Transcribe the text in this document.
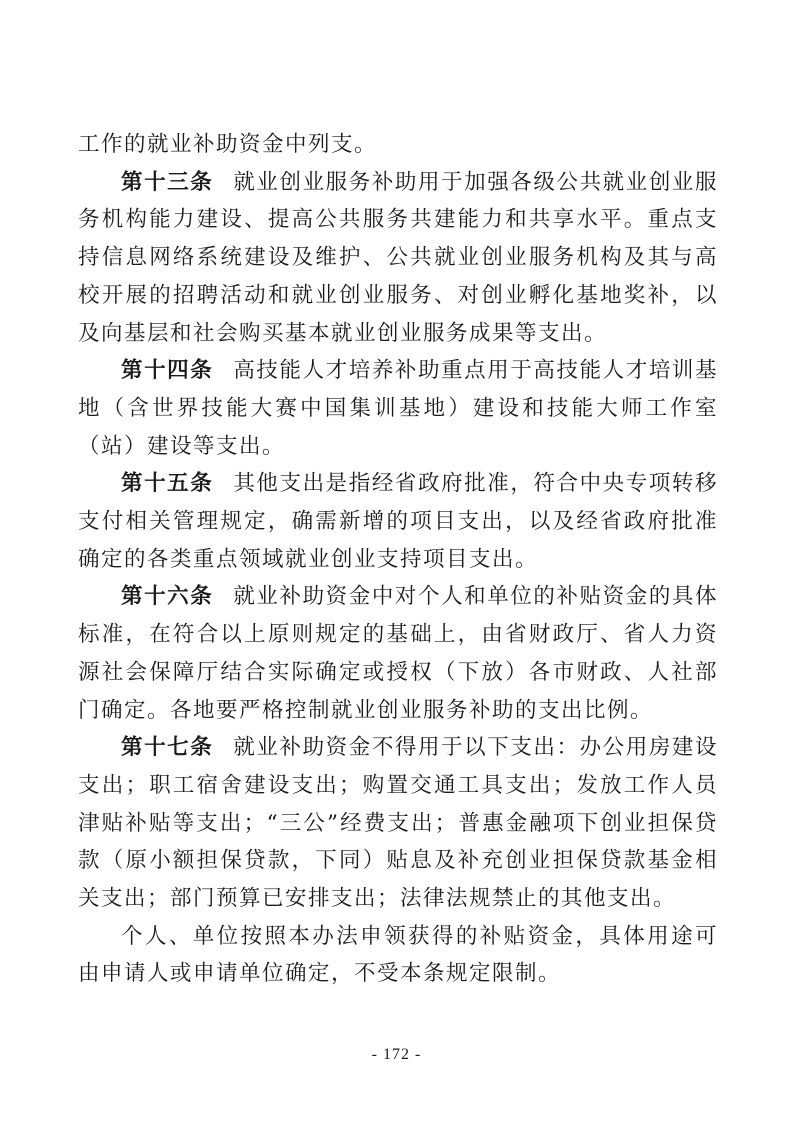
工作的就业补助资金中列支。

第十三条 就业创业服务补助用于加强各级公共就业创业服务机构能力建设、提高公共服务共建能力和共享水平。重点支持信息网络系统建设及维护、公共就业创业服务机构及其与高校开展的招聘活动和就业创业服务、对创业孵化基地奖补，以及向基层和社会购买基本就业创业服务成果等支出。

第十四条 高技能人才培养补助重点用于高技能人才培训基地（含世界技能大赛中国集训基地）建设和技能大师工作室（站）建设等支出。

第十五条 其他支出是指经省政府批准，符合中央专项转移支付相关管理规定，确需新增的项目支出，以及经省政府批准确定的各类重点领域就业创业支持项目支出。

第十六条 就业补助资金中对个人和单位的补贴资金的具体标准，在符合以上原则规定的基础上，由省财政厅、省人力资源社会保障厅结合实际确定或授权（下放）各市财政、人社部门确定。各地要严格控制就业创业服务补助的支出比例。

第十七条 就业补助资金不得用于以下支出：办公用房建设支出；职工宿舍建设支出；购置交通工具支出；发放工作人员津贴补贴等支出；“三公”经费支出；普惠金融项下创业担保贷款（原小额担保贷款，下同）贴息及补充创业担保贷款基金相关支出；部门预算已安排支出；法律法规禁止的其他支出。

个人、单位按照本办法申领获得的补贴资金，具体用途可由申请人或申请单位确定，不受本条规定限制。

- 172 -
